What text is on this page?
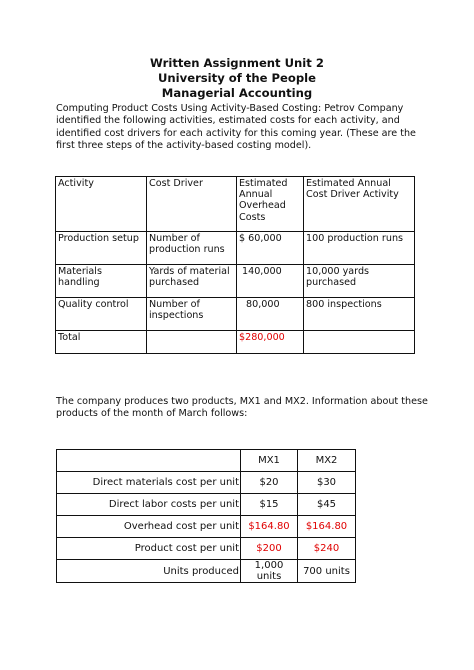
Written Assignment Unit 2
University of the People
Managerial Accounting

Computing Product Costs Using Activity-Based Costing: Petrov Company identified the following activities, estimated costs for each activity, and identified cost drivers for each activity for this coming year. (These are the first three steps of the activity-based costing model).

Activity	Cost Driver	Estimated Annual Overhead Costs	Estimated Annual Cost Driver Activity
Production setup	Number of production runs	$ 60,000	100 production runs
Materials handling	Yards of material purchased	140,000	10,000 yards purchased
Quality control	Number of inspections	80,000	800 inspections
Total		$280,000	

The company produces two products, MX1 and MX2. Information about these products of the month of March follows:

	MX1	MX2
Direct materials cost per unit	$20	$30
Direct labor costs per unit	$15	$45
Overhead cost per unit	$164.80	$164.80
Product cost per unit	$200	$240
Units produced	1,000 units	700 units
